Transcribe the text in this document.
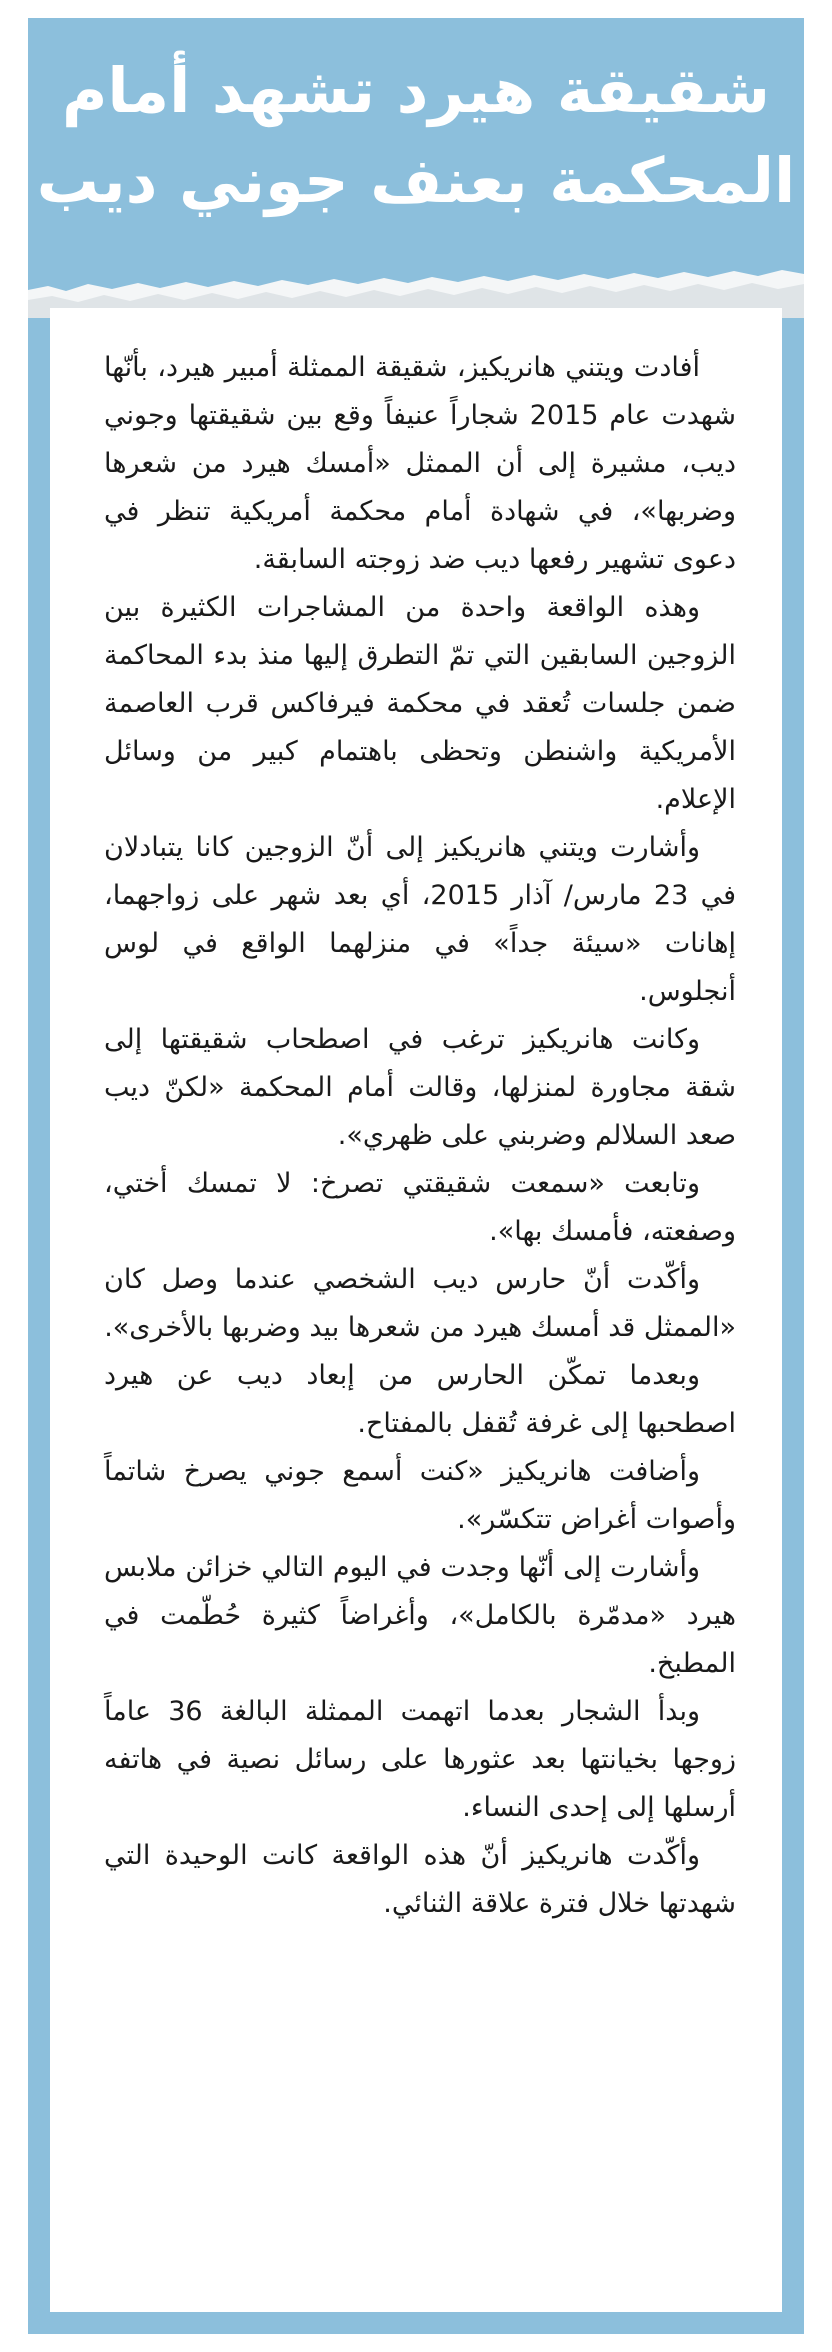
شقيقة هيرد تشهد أمام
المحكمة بعنف جوني ديب

أفادت ويتني هانريكيز، شقيقة الممثلة أمبير هيرد، بأنّها شهدت عام 2015 شجاراً عنيفاً وقع بين شقيقتها وجوني ديب، مشيرة إلى أن الممثل «أمسك هيرد من شعرها وضربها»، في شهادة أمام محكمة أمريكية تنظر في دعوى تشهير رفعها ديب ضد زوجته السابقة.

وهذه الواقعة واحدة من المشاجرات الكثيرة بين الزوجين السابقين التي تمّ التطرق إليها منذ بدء المحاكمة ضمن جلسات تُعقد في محكمة فيرفاكس قرب العاصمة الأمريكية واشنطن وتحظى باهتمام كبير من وسائل الإعلام.

وأشارت ويتني هانريكيز إلى أنّ الزوجين كانا يتبادلان في 23 مارس/ آذار 2015، أي بعد شهر على زواجهما، إهانات «سيئة جداً» في منزلهما الواقع في لوس أنجلوس.

وكانت هانريكيز ترغب في اصطحاب شقيقتها إلى شقة مجاورة لمنزلها، وقالت أمام المحكمة «لكنّ ديب صعد السلالم وضربني على ظهري».

وتابعت «سمعت شقيقتي تصرخ: لا تمسك أختي، وصفعته، فأمسك بها».

وأكّدت أنّ حارس ديب الشخصي عندما وصل كان «الممثل قد أمسك هيرد من شعرها بيد وضربها بالأخرى».

وبعدما تمكّن الحارس من إبعاد ديب عن هيرد اصطحبها إلى غرفة تُقفل بالمفتاح.

وأضافت هانريكيز «كنت أسمع جوني يصرخ شاتماً وأصوات أغراض تتكسّر».

وأشارت إلى أنّها وجدت في اليوم التالي خزائن ملابس هيرد «مدمّرة بالكامل»، وأغراضاً كثيرة حُطّمت في المطبخ.

وبدأ الشجار بعدما اتهمت الممثلة البالغة 36 عاماً زوجها بخيانتها بعد عثورها على رسائل نصية في هاتفه أرسلها إلى إحدى النساء.

وأكّدت هانريكيز أنّ هذه الواقعة كانت الوحيدة التي شهدتها خلال فترة علاقة الثنائي.
